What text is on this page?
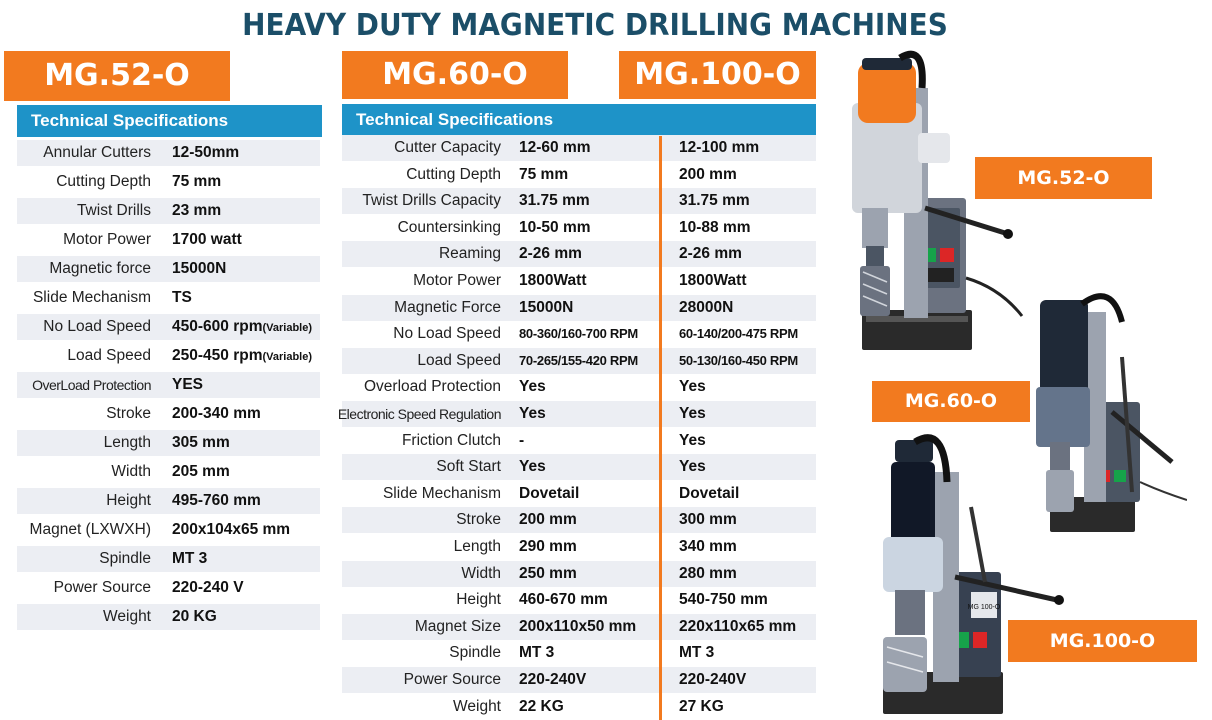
HEAVY DUTY MAGNETIC DRILLING MACHINES
MG.52-O	MG.60-O	MG.100-O
Technical Specifications	Technical Specifications
Annular Cutters 12-50mm
Cutting Depth 75 mm
Twist Drills 23 mm
Motor Power 1700 watt
Magnetic force 15000N
Slide Mechanism TS
No Load Speed 450-600 rpm(Variable)
Load Speed 250-450 rpm(Variable)
OverLoad Protection YES
Stroke 200-340 mm
Length 305 mm
Width 205 mm
Height 495-760 mm
Magnet (LXWXH) 200x104x65 mm
Spindle MT 3
Power Source 220-240 V
Weight 20 KG
Cutter Capacity 12-60 mm	12-100 mm
Cutting Depth 75 mm	200 mm
Twist Drills Capacity 31.75 mm	31.75 mm
Countersinking 10-50 mm	10-88 mm
Reaming 2-26 mm	2-26 mm
Motor Power 1800Watt	1800Watt
Magnetic Force 15000N	28000N
No Load Speed 80-360/160-700 RPM	60-140/200-475 RPM
Load Speed 70-265/155-420 RPM	50-130/160-450 RPM
Overload Protection Yes	Yes
Electronic Speed Regulation Yes	Yes
Friction Clutch -	Yes
Soft Start Yes	Yes
Slide Mechanism Dovetail	Dovetail
Stroke 200 mm	300 mm
Length 290 mm	340 mm
Width 250 mm	280 mm
Height 460-670 mm	540-750 mm
Magnet Size 200x110x50 mm	220x110x65 mm
Spindle MT 3	MT 3
Power Source 220-240V	220-240V
Weight 22 KG	27 KG
MG 100-O
MG.52-O
MG.60-O
MG.100-O
